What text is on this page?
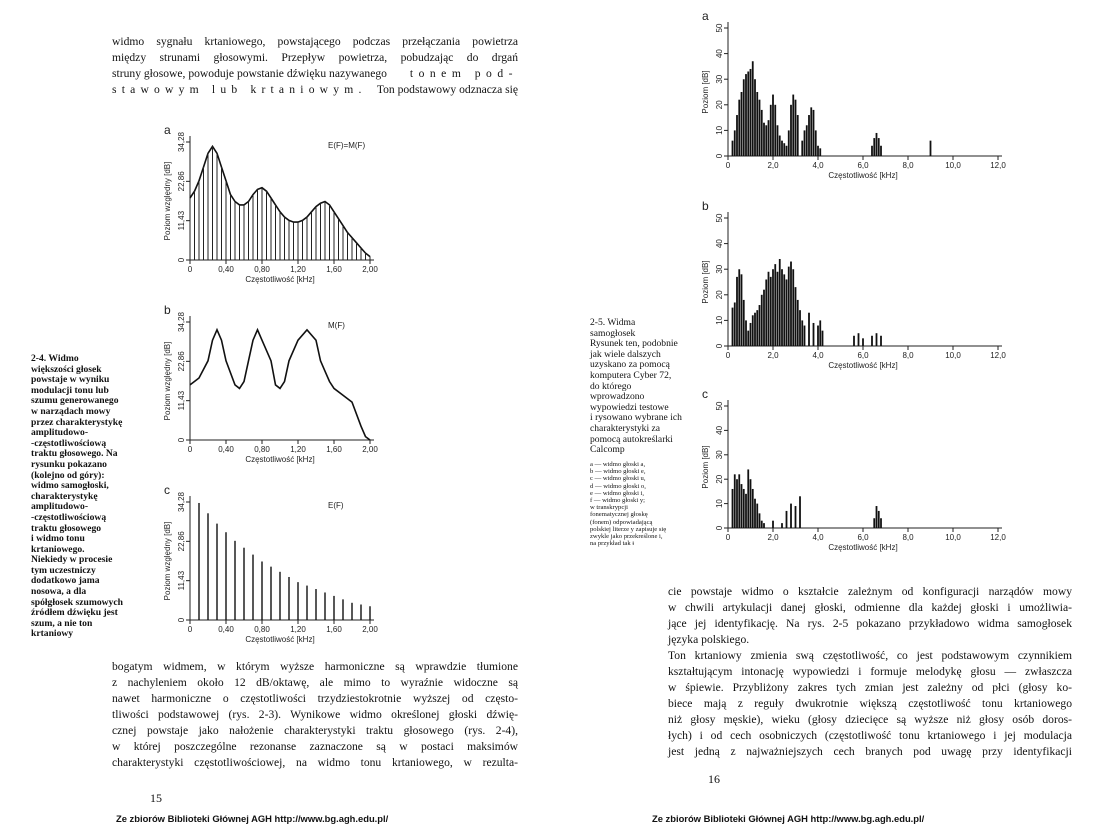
widmo sygnału krtaniowego, powstającego podczas przełączania powietrza
między strunami głosowymi. Przepływ powietrza, pobudzając do drgań
struny głosowe, powoduje powstanie dźwięku nazywanego tonem pod-
stawowym lub krtaniowym. Ton podstawowy odznacza się
0	0,40	0,80	1,20	1,60	2,00
0
11,43
22,86
34,28
Częstotliwość [kHz]
Poziom względny [dB]
a
E(F)=M(F)
0	0,40	0,80	1,20	1,60	2,00
0
11,43
22,86
34,28
Częstotliwość [kHz]
Poziom względny [dB]
b
M(F)
0	0,40	0,80	1,20	1,60	2,00
0
11,43
22,86
34,28
Częstotliwość [kHz]
Poziom względny [dB]
c
E(F)
2-4. Widmo
większości głosek
powstaje w wyniku
modulacji tonu lub
szumu generowanego
w narządach mowy
przez charakterystykę
amplitudowo-
-częstotliwościową
traktu głosowego. Na
rysunku pokazano
(kolejno od góry):
widmo samogłoski,
charakterystykę
amplitudowo-
-częstotliwościową
traktu głosowego
i widmo tonu
krtaniowego.
Niekiedy w procesie
tym uczestniczy
dodatkowo jama
nosowa, a dla
spółgłosek szumowych
źródłem dźwięku jest
szum, a nie ton
krtaniowy
bogatym widmem, w którym wyższe harmoniczne są wprawdzie tłumione
z nachyleniem około 12 dB/oktawę, ale mimo to wyraźnie widoczne są
nawet harmoniczne o częstotliwości trzydziestokrotnie wyższej od często-
tliwości podstawowej (rys. 2-3). Wynikowe widmo określonej głoski dźwię-
cznej powstaje jako nałożenie charakterystyki traktu głosowego (rys. 2-4),
w której poszczególne rezonanse zaznaczone są w postaci maksimów
charakterystyki częstotliwościowej, na widmo tonu krtaniowego, w rezulta-
15
Ze zbiorów Biblioteki Głównej AGH http://www.bg.agh.edu.pl/
0	2,0	4,0	6,0	8,0	10,0	12,0
0
10
20
30
40
50
Częstotliwość [kHz]
Poziom [dB]
a
0	2,0	4,0	6,0	8,0	10,0	12,0
0
10
20
30
40
50
Częstotliwość [kHz]
Poziom [dB]
b
0	2,0	4,0	6,0	8,0	10,0	12,0
0
10
20
30
40
50
Częstotliwość [kHz]
Poziom [dB]
c
2-5. Widma
samogłosek
Rysunek ten, podobnie
jak wiele dalszych
uzyskano za pomocą
komputera Cyber 72,
do którego
wprowadzono
wypowiedzi testowe
i rysowano wybrane ich
charakterystyki za
pomocą autokreślarki
Calcomp
a — widmo głoski a,
b — widmo głoski e,
c — widmo głoski u,
d — widmo głoski o,
e — widmo głoski i,
f — widmo głoski y;
w transkrypcji
fonematycznej głoskę
(fonem) odpowiadającą
polskiej literze y zapisuje się
zwykle jako przekreślone i,
na przykład tak ɨ
cie powstaje widmo o kształcie zależnym od konfiguracji narządów mowy
w chwili artykulacji danej głoski, odmienne dla każdej głoski i umożliwia-
jące jej identyfikację. Na rys. 2-5 pokazano przykładowo widma samogłosek
języka polskiego.
Ton krtaniowy zmienia swą częstotliwość, co jest podstawowym czynnikiem
kształtującym intonację wypowiedzi i formuje melodykę głosu — zwłaszcza
w śpiewie. Przybliżony zakres tych zmian jest zależny od płci (głosy ko-
biece mają z reguły dwukrotnie większą częstotliwość tonu krtaniowego
niż głosy męskie), wieku (głosy dziecięce są wyższe niż głosy osób doros-
łych) i od cech osobniczych (częstotliwość tonu krtaniowego i jej modulacja
jest jedną z najważniejszych cech branych pod uwagę przy identyfikacji
16
Ze zbiorów Biblioteki Głównej AGH http://www.bg.agh.edu.pl/
